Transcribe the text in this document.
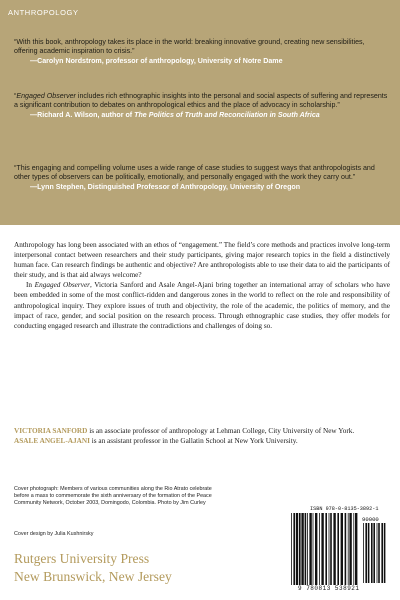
ANTHROPOLOGY
“With this book, anthropology takes its place in the world: breaking innovative ground, creating new sensibilities, offering academic inspiration to crisis.”
—Carolyn Nordstrom, professor of anthropology, University of Notre Dame
“Engaged Observer includes rich ethnographic insights into the personal and social aspects of suffering and represents a significant contribution to debates on anthropological ethics and the place of advocacy in scholarship.”
—Richard A. Wilson, author of The Politics of Truth and Reconciliation in South Africa
“This engaging and compelling volume uses a wide range of case studies to suggest ways that anthropologists and other types of observers can be politically, emotionally, and personally engaged with the work they carry out.”
—Lynn Stephen, Distinguished Professor of Anthropology, University of Oregon

Anthropology has long been associated with an ethos of “engagement.” The field’s core methods and practices involve long-term interpersonal contact between researchers and their study participants, giving major research topics in the field a distinctively human face. Can research findings be authentic and objective? Are anthropologists able to use their data to aid the participants of their study, and is that aid always welcome?

In Engaged Observer, Victoria Sanford and Asale Angel-Ajani bring together an international array of scholars who have been embedded in some of the most conflict-ridden and dangerous zones in the world to reflect on the role and responsibility of anthropological inquiry. They explore issues of truth and objectivity, the role of the academic, the politics of memory, and the impact of race, gender, and social position on the research process. Through ethnographic case studies, they offer models for conducting engaged research and illustrate the contradictions and challenges of doing so.

VICTORIA SANFORD is an associate professor of anthropology at Lehman College, City University of New York.

ASALE ANGEL-AJANI is an assistant professor in the Gallatin School at New York University.

Cover photograph: Members of various communities along the Rio Atrato celebrate before a mass to commemorate the sixth anniversary of the formation of the Peace Community Network, October 2003, Domingodo, Colombia. Photo by Jim Curley
Cover design by Julia Kushnirsky
Rutgers University Press
New Brunswick, New Jersey
ISBN 978-0-8135-3892-1
90000
9 780813 538921
